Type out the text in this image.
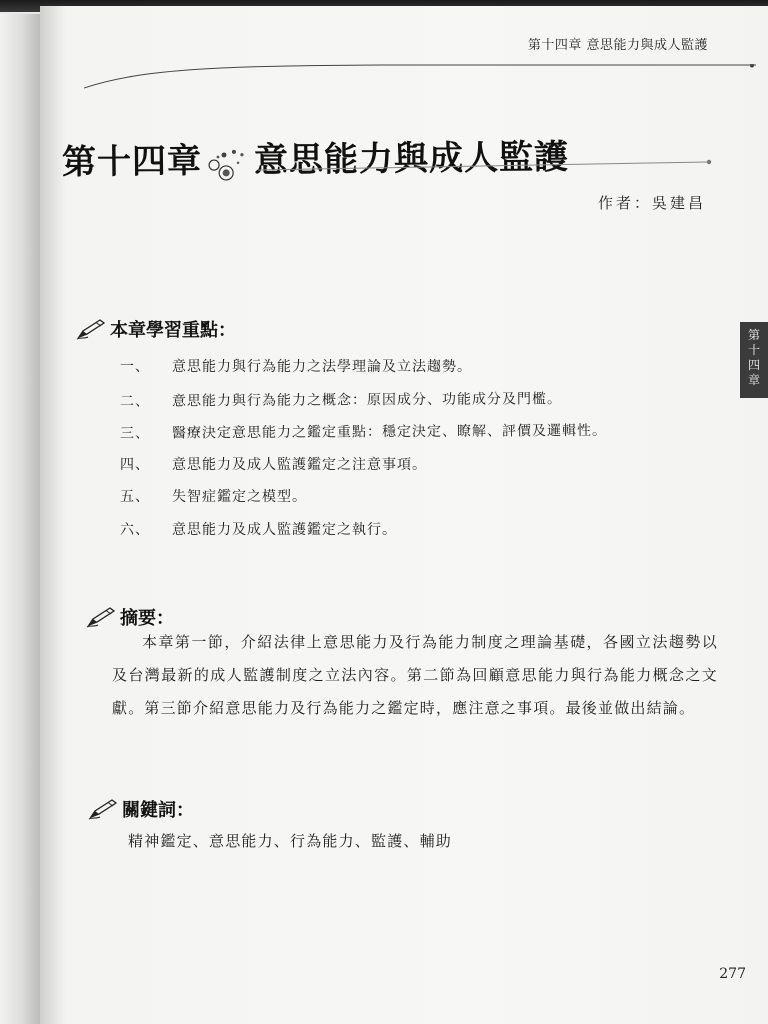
第十四章 意思能力與成人監護
第十四章 意思能力與成人監護
作者：吳建昌
第
十
四
章
本章學習重點：
一、	意思能力與行為能力之法學理論及立法趨勢。
二、	意思能力與行為能力之概念：原因成分、功能成分及門檻。
三、	醫療決定意思能力之鑑定重點：穩定決定、瞭解、評價及邏輯性。
四、	意思能力及成人監護鑑定之注意事項。
五、	失智症鑑定之模型。
六、	意思能力及成人監護鑑定之執行。
摘要：
本章第一節，介紹法律上意思能力及行為能力制度之理論基礎，各國立法趨勢以及台灣最新的成人監護制度之立法內容。第二節為回顧意思能力與行為能力概念之文獻。第三節介紹意思能力及行為能力之鑑定時，應注意之事項。最後並做出結論。
關鍵詞：
精神鑑定、意思能力、行為能力、監護、輔助
277
